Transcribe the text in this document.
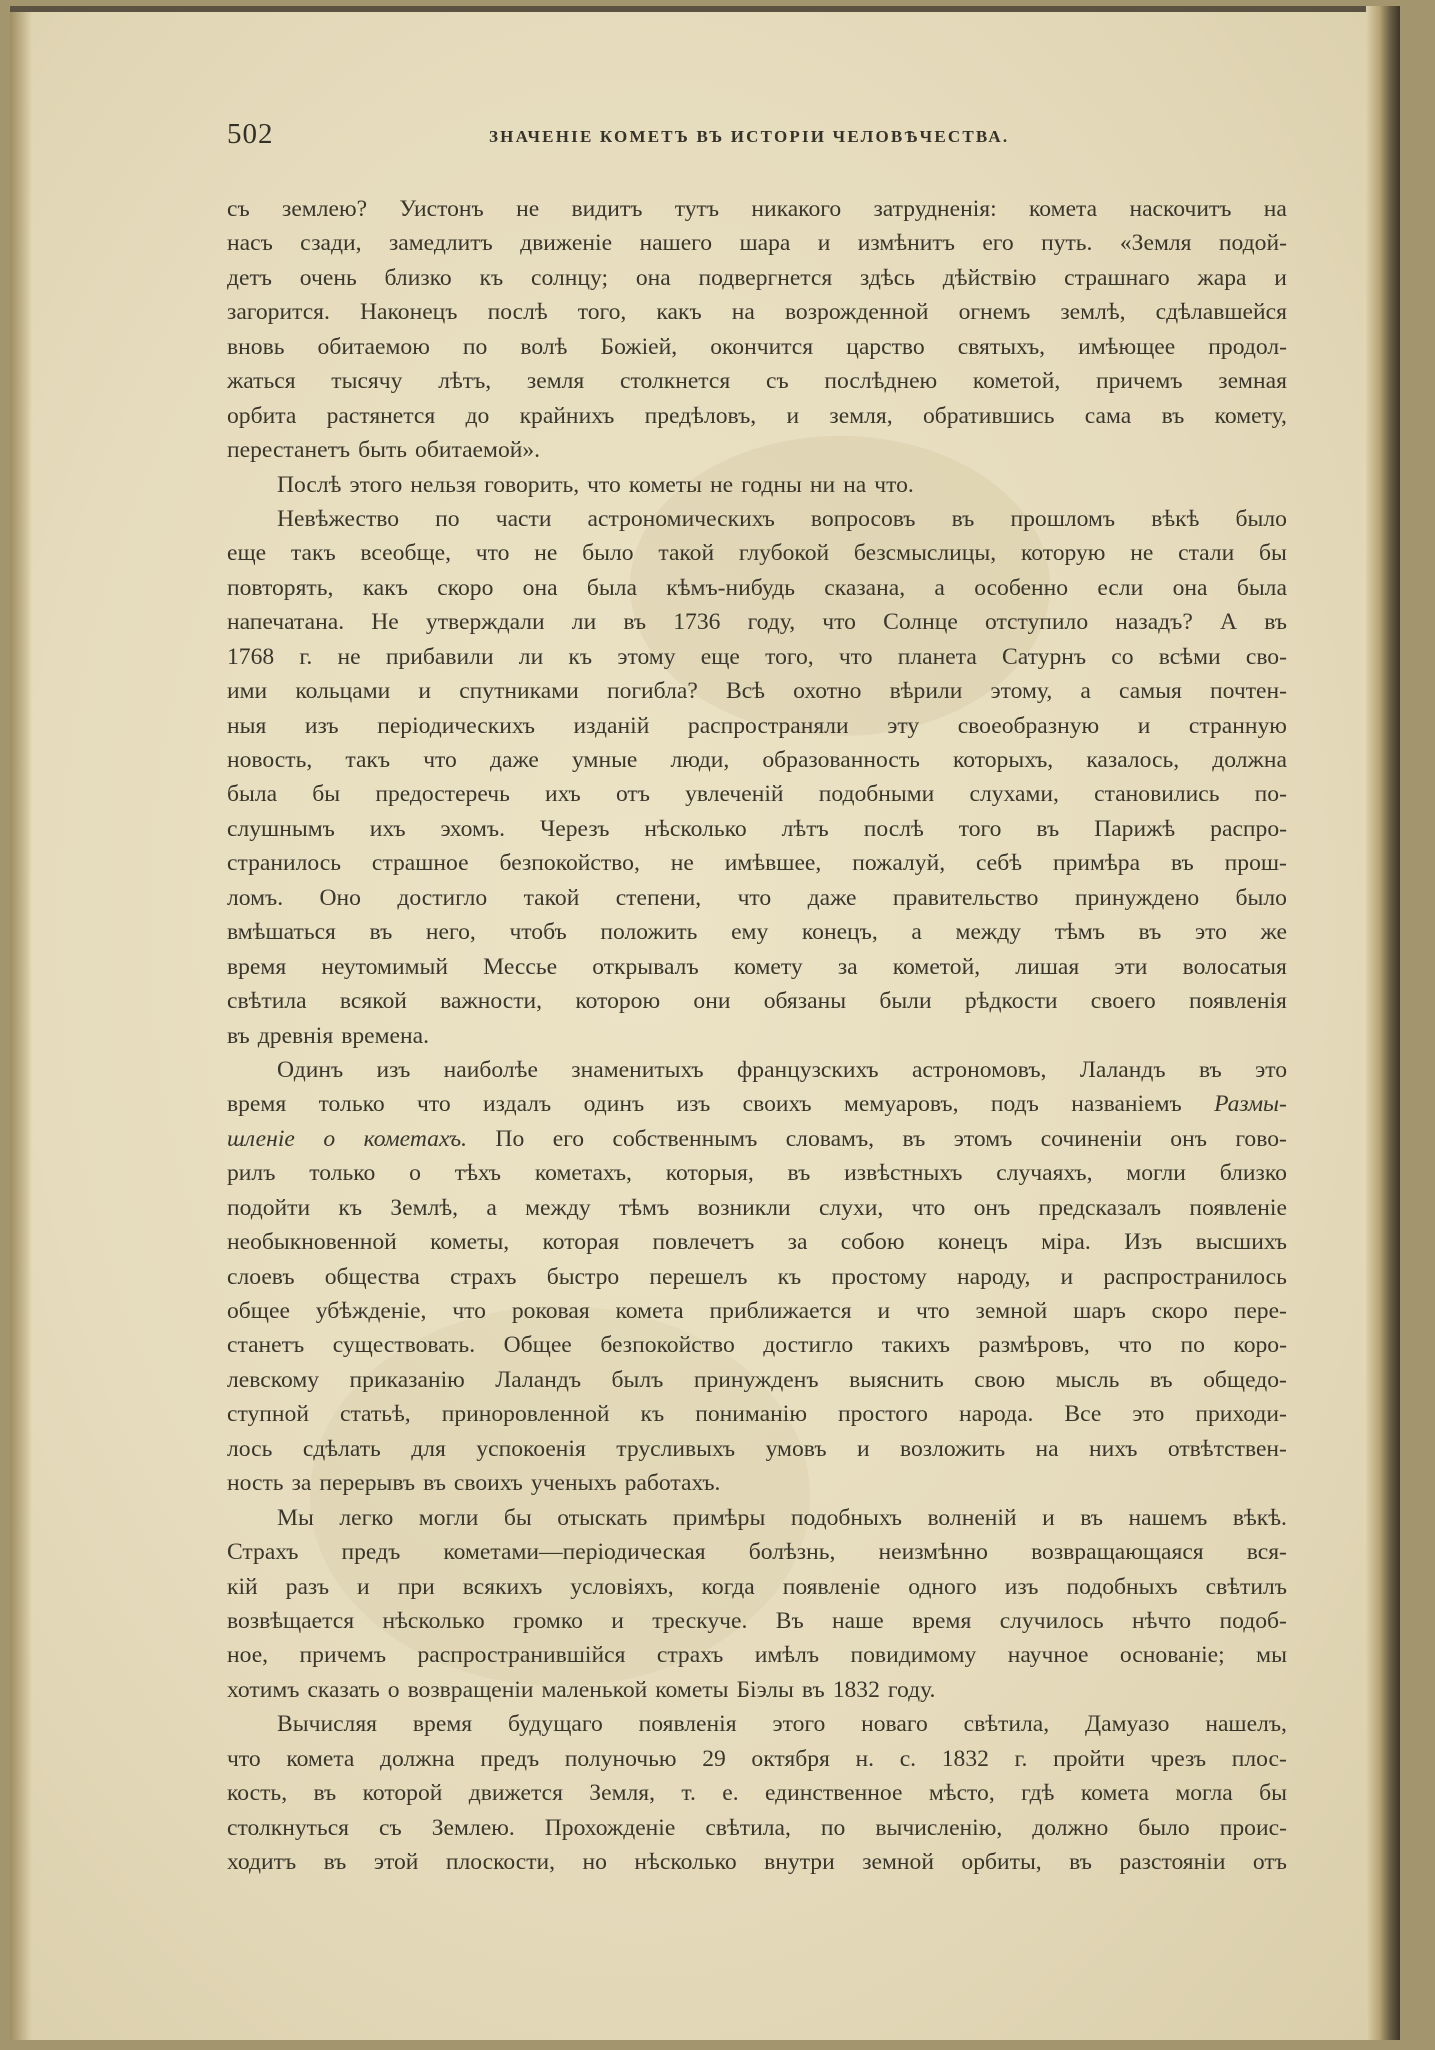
502	ЗНАЧЕНІЕ КОМЕТЪ ВЪ ИСТОРІИ ЧЕЛОВѢЧЕСТВА.
съ землею? Уистонъ не видитъ тутъ никакого затрудненія: комета наскочитъ на
насъ сзади, замедлитъ движеніе нашего шара и измѣнитъ его путь. «Земля подой-
детъ очень близко къ солнцу; она подвергнется здѣсь дѣйствію страшнаго жара и
загорится. Наконецъ послѣ того, какъ на возрожденной огнемъ землѣ, сдѣлавшейся
вновь обитаемою по волѣ Божіей, окончится царство святыхъ, имѣющее продол-
жаться тысячу лѣтъ, земля столкнется съ послѣднею кометой, причемъ земная
орбита растянется до крайнихъ предѣловъ, и земля, обратившись сама въ комету,
перестанетъ быть обитаемой».
Послѣ этого нельзя говорить, что кометы не годны ни на что.
Невѣжество по части астрономическихъ вопросовъ въ прошломъ вѣкѣ было
еще такъ всеобще, что не было такой глубокой безсмыслицы, которую не стали бы
повторять, какъ скоро она была кѣмъ-нибудь сказана, а особенно если она была
напечатана. Не утверждали ли въ 1736 году, что Солнце отступило назадъ? А въ
1768 г. не прибавили ли къ этому еще того, что планета Сатурнъ со всѣми сво-
ими кольцами и спутниками погибла? Всѣ охотно вѣрили этому, а самыя почтен-
ныя изъ періодическихъ изданій распространяли эту своеобразную и странную
новость, такъ что даже умные люди, образованность которыхъ, казалось, должна
была бы предостеречь ихъ отъ увлеченій подобными слухами, становились по-
слушнымъ ихъ эхомъ. Черезъ нѣсколько лѣтъ послѣ того въ Парижѣ распро-
странилось страшное безпокойство, не имѣвшее, пожалуй, себѣ примѣра въ прош-
ломъ. Оно достигло такой степени, что даже правительство принуждено было
вмѣшаться въ него, чтобъ положить ему конецъ, а между тѣмъ въ это же
время неутомимый Мессье открывалъ комету за кометой, лишая эти волосатыя
свѣтила всякой важности, которою они обязаны были рѣдкости своего появленія
въ древнія времена.
Одинъ изъ наиболѣе знаменитыхъ французскихъ астрономовъ, Лаландъ въ это
время только что издалъ одинъ изъ своихъ мемуаровъ, подъ названіемъ Размы-
шленіе о кометахъ. По его собственнымъ словамъ, въ этомъ сочиненіи онъ гово-
рилъ только о тѣхъ кометахъ, которыя, въ извѣстныхъ случаяхъ, могли близко
подойти къ Землѣ, а между тѣмъ возникли слухи, что онъ предсказалъ появленіе
необыкновенной кометы, которая повлечетъ за собою конецъ міра. Изъ высшихъ
слоевъ общества страхъ быстро перешелъ къ простому народу, и распространилось
общее убѣжденіе, что роковая комета приближается и что земной шаръ скоро пере-
станетъ существовать. Общее безпокойство достигло такихъ размѣровъ, что по коро-
левскому приказанію Лаландъ былъ принужденъ выяснить свою мысль въ общедо-
ступной статьѣ, приноровленной къ пониманію простого народа. Все это приходи-
лось сдѣлать для успокоенія трусливыхъ умовъ и возложить на нихъ отвѣтствен-
ность за перерывъ въ своихъ ученыхъ работахъ.
Мы легко могли бы отыскать примѣры подобныхъ волненій и въ нашемъ вѣкѣ.
Страхъ предъ кометами—періодическая болѣзнь, неизмѣнно возвращающаяся вся-
кій разъ и при всякихъ условіяхъ, когда появленіе одного изъ подобныхъ свѣтилъ
возвѣщается нѣсколько громко и трескуче. Въ наше время случилось нѣчто подоб-
ное, причемъ распространившійся страхъ имѣлъ повидимому научное основаніе; мы
хотимъ сказать о возвращеніи маленькой кометы Біэлы въ 1832 году.
Вычисляя время будущаго появленія этого новаго свѣтила, Дамуазо нашелъ,
что комета должна предъ полуночью 29 октября н. с. 1832 г. пройти чрезъ плос-
кость, въ которой движется Земля, т. е. единственное мѣсто, гдѣ комета могла бы
столкнуться съ Землею. Прохожденіе свѣтила, по вычисленію, должно было проис-
ходитъ въ этой плоскости, но нѣсколько внутри земной орбиты, въ разстояніи отъ
